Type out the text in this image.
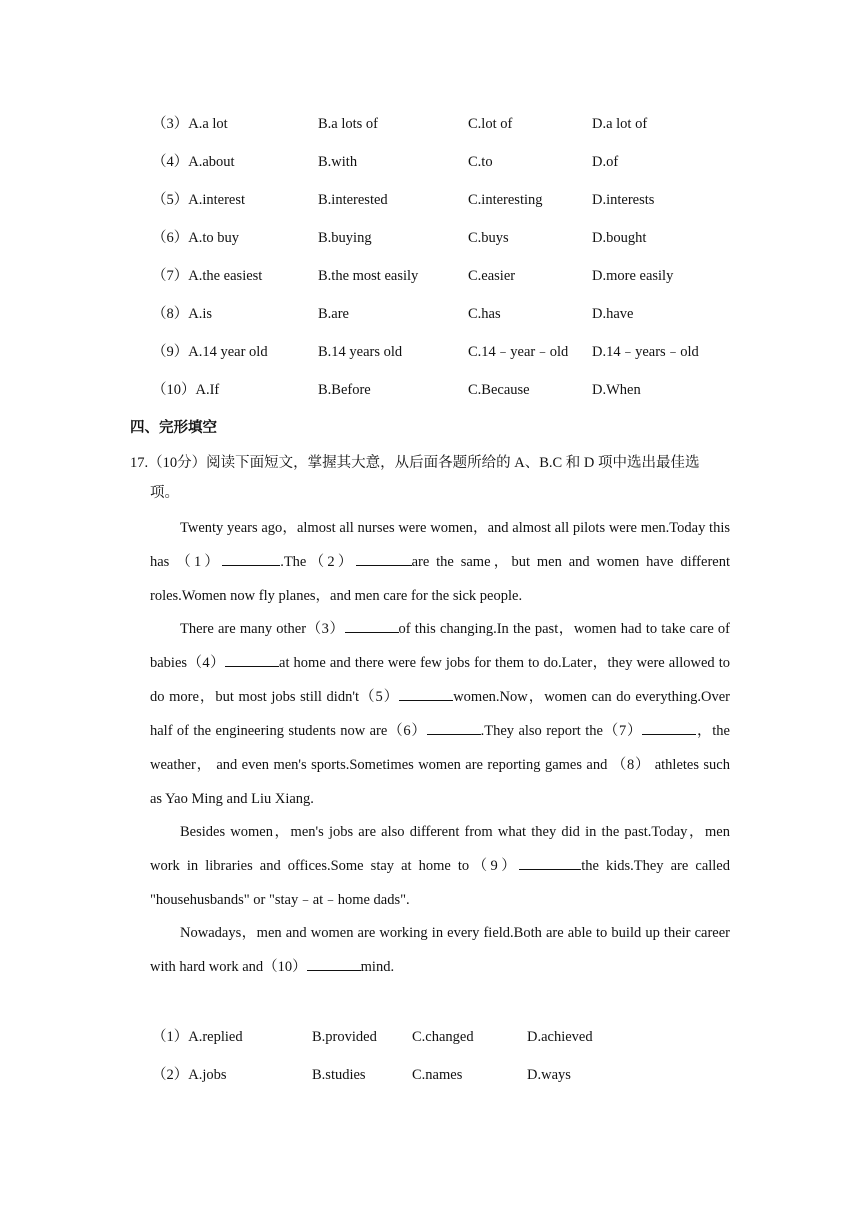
（3）A.a lot	B.a lots of	C.lot of	D.a lot of
（4）A.about	B.with	C.to	D.of
（5）A.interest	B.interested	C.interesting	D.interests
（6）A.to buy	B.buying	C.buys	D.bought
（7）A.the easiest	B.the most easily	C.easier	D.more easily
（8）A.is	B.are	C.has	D.have
（9）A.14 year old	B.14 years old	C.14﹣year﹣old D.14﹣years﹣old
（10）A.If	B.Before	C.Because	D.When
四、完形填空
17.（10分）阅读下面短文，掌握其大意，从后面各题所给的 A、B.C 和 D 项中选出最佳选
项。
Twenty years ago，almost all nurses were women，and almost all pilots were men.Today this has （1）	.The（2）	are the same，but men and women have different roles.Women now fly planes，and men care for the sick people.
There are many other（3）	of this changing.In the past，women had to take care of babies（4）	at home and there were few jobs for them to do.Later，they were allowed to do more，but most jobs still didn't（5）	women.Now，women can do everything.Over half of the engineering students now are（6）	.They also report the（7）	，the weather， and even men's sports.Sometimes women are reporting games and （8） athletes such as Yao Ming and Liu Xiang.
Besides women，men's jobs are also different from what they did in the past.Today，men work in libraries and offices.Some stay at home to（9）	the kids.They are called "househusbands" or "stay﹣at﹣home dads".
Nowadays，men and women are working in every field.Both are able to build up their career with hard work and（10）	mind.
（1）A.replied	B.provided C.changed	D.achieved
（2）A.jobs	B.studies	C.names	D.ways
